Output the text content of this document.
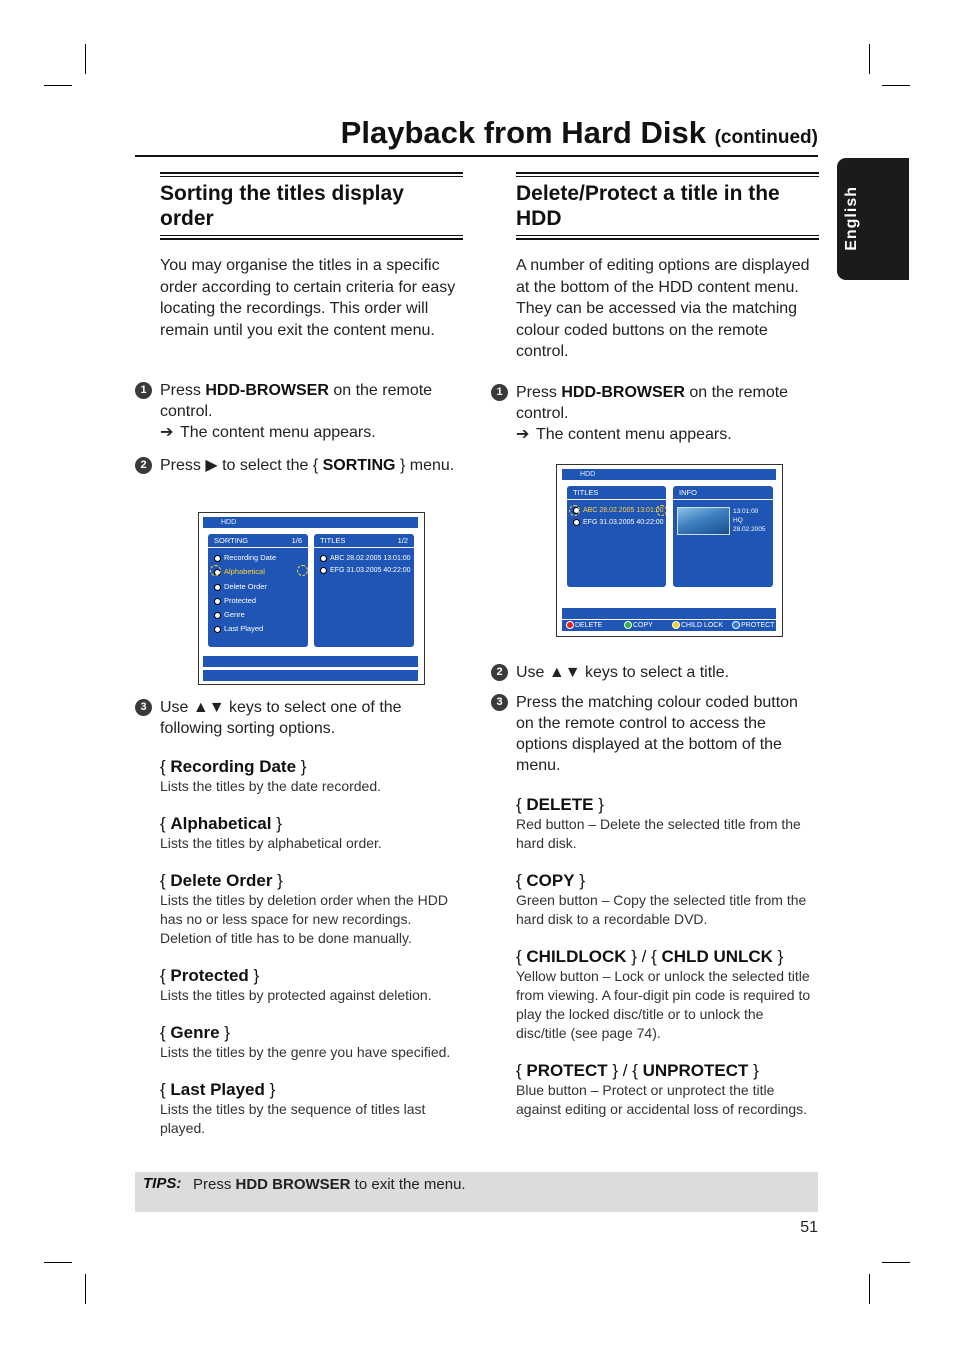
Playback from Hard Disk (continued)
English
Sorting the titles display order
You may organise the titles in a specific order according to certain criteria for easy locating the recordings. This order will remain until you exit the content menu.
1 Press HDD-BROWSER on the remote control.
➔ The content menu appears.
2 Press ▶ to select the { SORTING } menu.
HDD
SORTING	1/6
Recording Date
Alphabetical
Delete Order
Protected
Genre
Last Played
TITLES	1/2
ABC 28.02.2005 13:01:00
EFG 31.03.2005 40:22:00
3 Use ▲▼ keys to select one of the following sorting options.
{ Recording Date }
Lists the titles by the date recorded.
{ Alphabetical }
Lists the titles by alphabetical order.
{ Delete Order }
Lists the titles by deletion order when the HDD has no or less space for new recordings. Deletion of title has to be done manually.
{ Protected }
Lists the titles by protected against deletion.
{ Genre }
Lists the titles by the genre you have specified.
{ Last Played }
Lists the titles by the sequence of titles last played.
Delete/Protect a title in the HDD
A number of editing options are displayed at the bottom of the HDD content menu. They can be accessed via the matching colour coded buttons on the remote control.
1 Press HDD-BROWSER on the remote control.
➔ The content menu appears.
HDD
TITLES
ABC 28.02.2005 13:01:00
EFG 31.03.2005 40:22:00
INFO
13:01:00
HQ
28.02.2005
DELETE	COPY	CHILD LOCK	PROTECT
2 Use ▲▼ keys to select a title.
3 Press the matching colour coded button on the remote control to access the options displayed at the bottom of the menu.
{ DELETE }
Red button – Delete the selected title from the hard disk.
{ COPY }
Green button – Copy the selected title from the hard disk to a recordable DVD.
{ CHILDLOCK } / { CHLD UNLCK }
Yellow button – Lock or unlock the selected title from viewing. A four-digit pin code is required to play the locked disc/title or to unlock the disc/title (see page 74).
{ PROTECT } / { UNPROTECT }
Blue button – Protect or unprotect the title against editing or accidental loss of recordings.
TIPS: Press HDD BROWSER to exit the menu.
51
